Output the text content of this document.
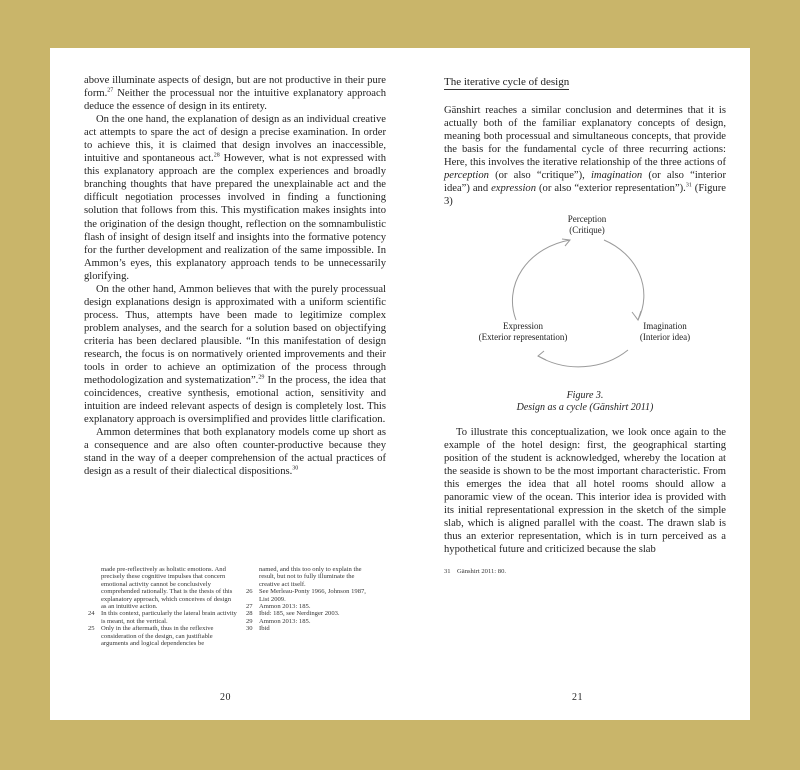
above illuminate aspects of design, but are not productive in their pure form.$^{27}$ Neither the processual nor the intuitive explanatory approach deduce the essence of design in its entirety.

On the one hand, the explanation of design as an individual creative act attempts to spare the act of design a precise examination. In order to achieve this, it is claimed that design involves an inaccessible, intuitive and spontaneous act.$^{28}$ However, what is not expressed with this explanatory approach are the complex experiences and broadly branching thoughts that have prepared the unexplainable act and the difficult negotiation processes involved in finding a functioning solution that follows from this. This mystification makes insights into the origination of the design thought, reflection on the somnambulistic flash of insight of design itself and insights into the formative potency for the further development and realization of the same impossible. In Ammon’s eyes, this explanatory approach tends to be unnecessarily glorifying.

On the other hand, Ammon believes that with the purely processual design explanations design is approximated with a uniform scientific process. Thus, attempts have been made to legitimize complex problem analyses, and the search for a solution based on objectifying criteria has been declared plausible. “In this manifestation of design research, the focus is on normatively oriented improvements and their tools in order to achieve an optimization of the process through methodologization and systematization”.$^{29}$ In the process, the idea that coincidences, creative synthesis, emotional action, sensitivity and intuition are indeed relevant aspects of design is completely lost. This explanatory approach is oversimplified and provides little clarification.

Ammon determines that both explanatory models come up short as a consequence and are also often counter-productive because they stand in the way of a deeper comprehension of the actual practices of design as a result of their dialectical dispositions.$^{30}$

made pre-reflectively as holistic emotions. And precisely these cognitive impulses that concern emotional activity cannot be conclusively comprehended rationally. That is the thesis of this explanatory approach, which conceives of design as an intuitive action.
24 In this context, particularly the lateral brain activity is meant, not the vertical.
25 Only in the aftermath, thus in the reflexive consideration of the design, can justifiable arguments and logical dependencies be
named, and this too only to explain the result, but not to fully illuminate the creative act itself.
26 See Merleau-Ponty 1966, Johnson 1987, List 2009.
27 Ammon 2013: 185.
28 Ibid: 185, see Nerdinger 2003.
29 Ammon 2013: 185.
30 Ibid
20
The iterative cycle of design

Gänshirt reaches a similar conclusion and determines that it is actually both of the familiar explanatory concepts of design, meaning both processual and simultaneous concepts, that provide the basis for the fundamental cycle of three recurring actions: Here, this involves the iterative relationship of the three actions of perception (or also “critique”), imagination (or also “interior idea”) and expression (or also “exterior representation”).$^{31}$ (Figure 3)

Perception
(Critique)
Imagination
(Interior idea)
Expression
(Exterior representation)
Figure 3.
Design as a cycle (Gänshirt 2011)

To illustrate this conceptualization, we look once again to the example of the hotel design: first, the geographical starting position of the student is acknowledged, whereby the location at the seaside is shown to be the most important characteristic. From this emerges the idea that all hotel rooms should allow a panoramic view of the ocean. This interior idea is provided with its initial representational expression in the sketch of the simple slab, which is aligned parallel with the coast. The drawn slab is thus an exterior representation, which is in turn perceived as a hypothetical future and criticized because the slab

31 Gänshirt 2011: 80.
21
